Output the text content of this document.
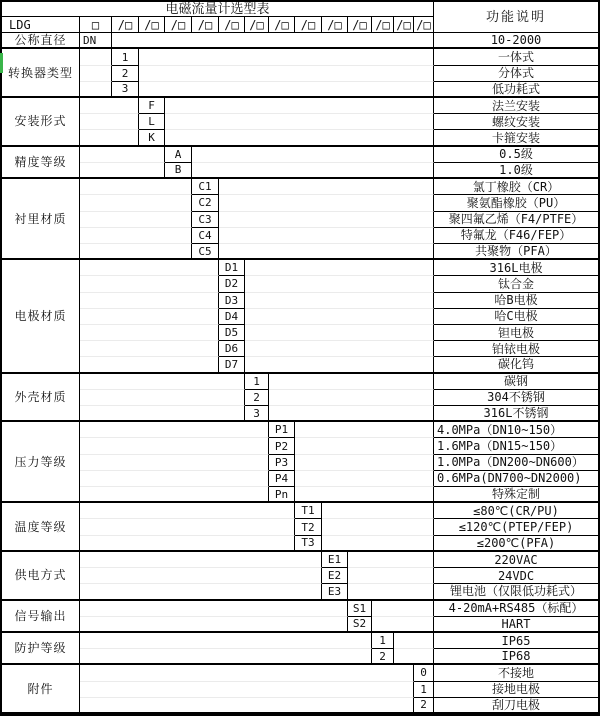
电磁流量计选型表
功能说明
LDG	□	/□	/□	/□	/□	/□ /□ /□	/□	/□ /□ /□ /□ /□
公称直径	DN	10-2000
转换器类型
1	一体式
2	分体式
3	低功耗式
安装形式
F	法兰安装
L	螺纹安装
K	卡箍安装
精度等级
A	0.5级
B	1.0级
衬里材质
C1	氯丁橡胶（CR）
C2	聚氨酯橡胶（PU）
C3	聚四氟乙烯（F4/PTFE）
C4	特氟龙（F46/FEP）
C5	共聚物（PFA）
电极材质
D1	316L电极
D2	钛合金
D3	哈B电极
D4	哈C电极
D5	钽电极
D6	铂铱电极
D7	碳化钨
外壳材质
1	碳钢
2	304不锈钢
3	316L不锈钢
压力等级
P1	4.0MPa（DN10~150）
P2	1.6MPa（DN15~150）
P3	1.0MPa（DN200~DN600）
P4	0.6MPa(DN700~DN2000)
Pn	特殊定制
温度等级
T1	≤80℃(CR/PU)
T2	≤120℃(PTEP/FEP)
T3	≤200℃(PFA)
供电方式
E1	220VAC
E2	24VDC
E3	锂电池（仅限低功耗式）
信号输出
S1	4-20mA+RS485（标配）
S2	HART
防护等级
1	IP65
2	IP68
附件
0	不接地
1	接地电极
2	刮刀电极
